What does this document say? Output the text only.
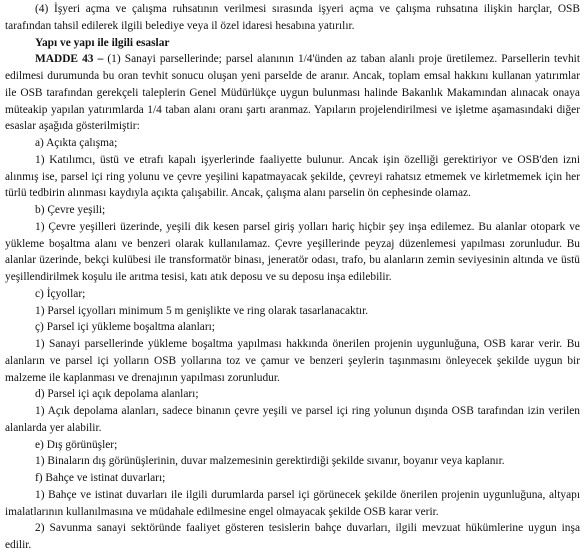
(4) İşyeri açma ve çalışma ruhsatının verilmesi sırasında işyeri açma ve çalışma ruhsatına ilişkin harçlar, OSB tarafından tahsil edilerek ilgili belediye veya il özel idaresi hesabına yatırılır.

Yapı ve yapı ile ilgili esaslar

MADDE 43 – (1) Sanayi parsellerinde; parsel alanının 1/4'ünden az taban alanlı proje üretilemez. Parsellerin tevhit edilmesi durumunda bu oran tevhit sonucu oluşan yeni parselde de aranır. Ancak, toplam emsal hakkını kullanan yatırımlar ile OSB tarafından gerekçeli taleplerin Genel Müdürlükçe uygun bulunması halinde Bakanlık Makamından alınacak onaya müteakip yapılan yatırımlarda 1/4 taban alanı oranı şartı aranmaz. Yapıların projelendirilmesi ve işletme aşamasındaki diğer esaslar aşağıda gösterilmiştir:

a) Açıkta çalışma;

1) Katılımcı, üstü ve etrafı kapalı işyerlerinde faaliyette bulunur. Ancak işin özelliği gerektiriyor ve OSB'den izni alınmış ise, parsel içi ring yolunu ve çevre yeşilini kapatmayacak şekilde, çevreyi rahatsız etmemek ve kirletmemek için her türlü tedbirin alınması kaydıyla açıkta çalışabilir. Ancak, çalışma alanı parselin ön cephesinde olamaz.

b) Çevre yeşili;

1) Çevre yeşilleri üzerinde, yeşili dik kesen parsel giriş yolları hariç hiçbir şey inşa edilemez. Bu alanlar otopark ve yükleme boşaltma alanı ve benzeri olarak kullanılamaz. Çevre yeşillerinde peyzaj düzenlemesi yapılması zorunludur. Bu alanlar üzerinde, bekçi kulübesi ile transformatör binası, jeneratör odası, trafo, bu alanların zemin seviyesinin altında ve üstü yeşillendirilmek koşulu ile arıtma tesisi, katı atık deposu ve su deposu inşa edilebilir.

c) İçyollar;

1) Parsel içyolları minimum 5 m genişlikte ve ring olarak tasarlanacaktır.

ç) Parsel içi yükleme boşaltma alanları;

1) Sanayi parsellerinde yükleme boşaltma yapılması hakkında önerilen projenin uygunluğuna, OSB karar verir. Bu alanların ve parsel içi yolların OSB yollarına toz ve çamur ve benzeri şeylerin taşınmasını önleyecek şekilde uygun bir malzeme ile kaplanması ve drenajının yapılması zorunludur.

d) Parsel içi açık depolama alanları;

1) Açık depolama alanları, sadece binanın çevre yeşili ve parsel içi ring yolunun dışında OSB tarafından izin verilen alanlarda yer alabilir.

e) Dış görünüşler;

1) Binaların dış görünüşlerinin, duvar malzemesinin gerektirdiği şekilde sıvanır, boyanır veya kaplanır.

f) Bahçe ve istinat duvarları;

1) Bahçe ve istinat duvarları ile ilgili durumlarda parsel içi görünecek şekilde önerilen projenin uygunluğuna, altyapı imalatlarının kullanılmasına ve müdahale edilmesine engel olmayacak şekilde OSB karar verir.

2) Savunma sanayi sektöründe faaliyet gösteren tesislerin bahçe duvarları, ilgili mevzuat hükümlerine uygun inşa edilir.
